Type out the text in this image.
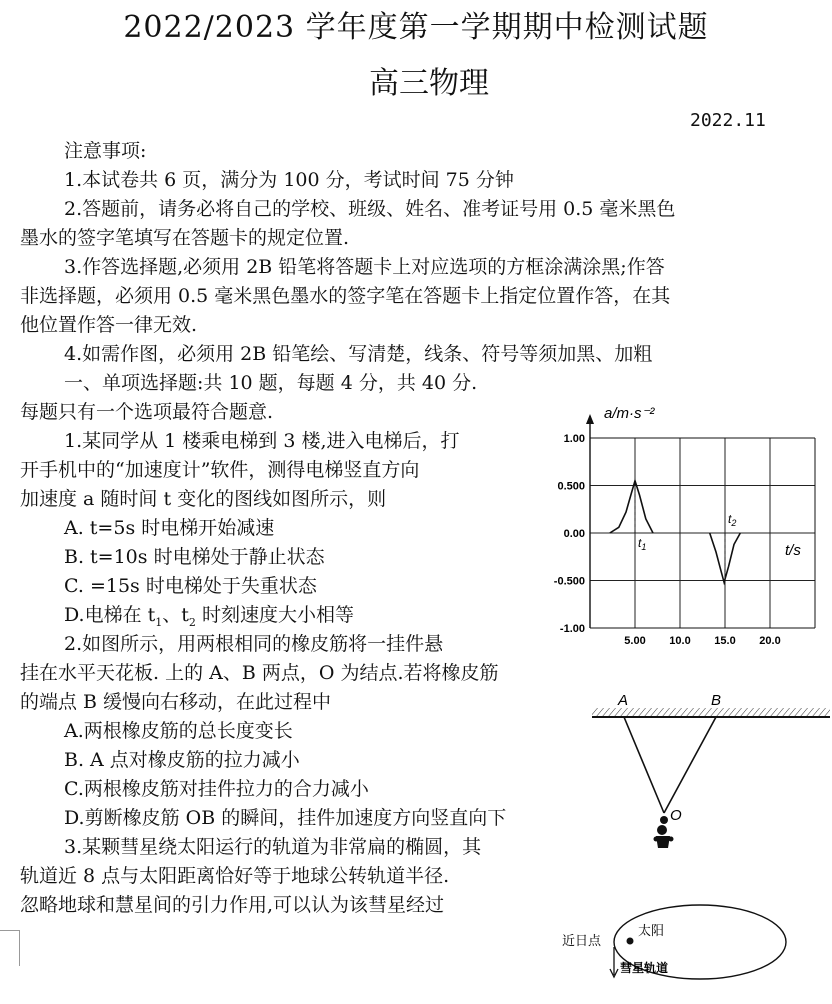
2022/2023 学年度第一学期期中检测试题
高三物理
2022.11
注意事项:
1.本试卷共 6 页，满分为 100 分，考试时间 75 分钟
2.答题前，请务必将自己的学校、班级、姓名、准考证号用 0.5 毫米黑色
墨水的签字笔填写在答题卡的规定位置.
3.作答选择题,必须用 2B 铅笔将答题卡上对应选项的方框涂满涂黑;作答
非选择题，必须用 0.5 毫米黑色墨水的签字笔在答题卡上指定位置作答，在其
他位置作答一律无效.
4.如需作图，必须用 2B 铅笔绘、写清楚，线条、符号等须加黑、加粗
一、单项选择题:共 10 题，每题 4 分，共 40 分.
每题只有一个选项最符合题意.
1.某同学从 1 楼乘电梯到 3 楼,进入电梯后，打
开手机中的“加速度计”软件，测得电梯竖直方向
加速度 a 随时间 t 变化的图线如图所示，则
A. t=5s 时电梯开始减速
B. t=10s 时电梯处于静止状态
C. =15s 时电梯处于失重状态
D.电梯在 $t_1$、$t_2$ 时刻速度大小相等
2.如图所示，用两根相同的橡皮筋将一挂件悬
挂在水平天花板. 上的 A、B 两点，O 为结点.若将橡皮筋
的端点 B 缓慢向右移动，在此过程中
A.两根橡皮筋的总长度变长
B. A 点对橡皮筋的拉力减小
C.两根橡皮筋对挂件拉力的合力减小
D.剪断橡皮筋 OB 的瞬间，挂件加速度方向竖直向下
3.某颗彗星绕太阳运行的轨道为非常扁的椭圆，其
轨道近 8 点与太阳距离恰好等于地球公转轨道半径.
忽略地球和慧星间的引力作用,可以认为该彗星经过
1.00
0.500
0.00
-0.500
-1.00
5.00 10.0 15.0 20.0
a/m·s⁻²
t/s
$t_1$
$t_2$
A	B
O
近日点
太阳
彗星轨道
